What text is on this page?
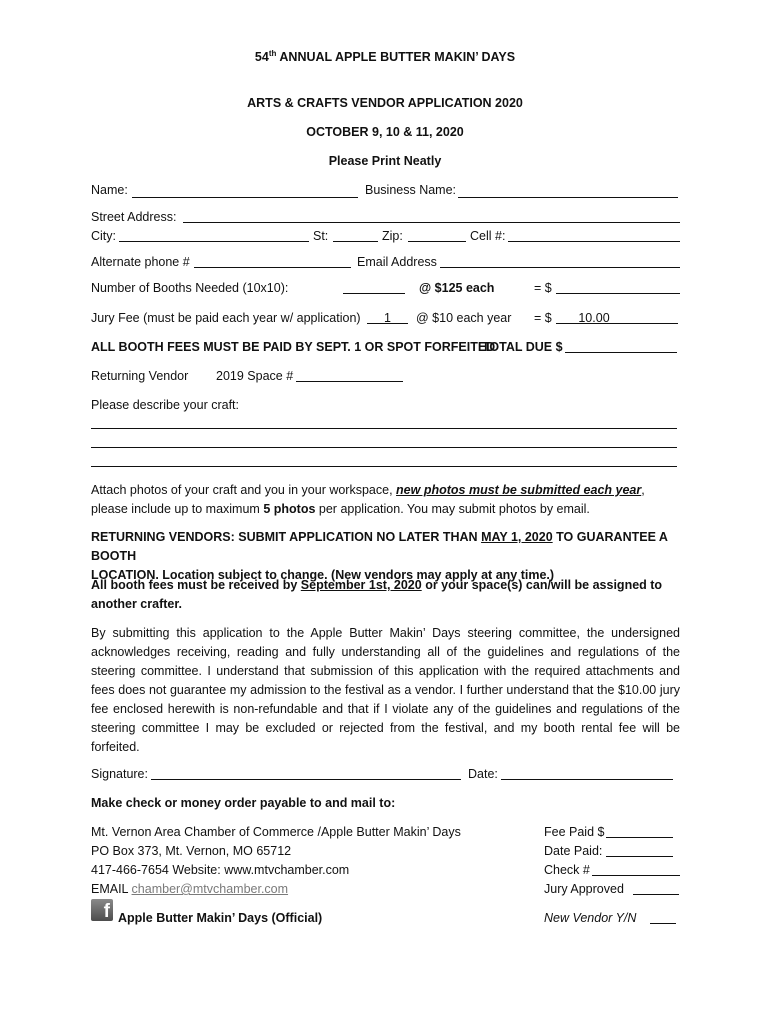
54th ANNUAL APPLE BUTTER MAKIN’ DAYS
ARTS & CRAFTS VENDOR APPLICATION 2020
OCTOBER 9, 10 & 11, 2020
Please Print Neatly
Name:	Business Name:
Street Address:
City:	St:	Zip:	Cell #:
Alternate phone #	Email Address
Number of Booths Needed (10x10):	@ $125 each	= $
Jury Fee (must be paid each year w/ application)	1	@ $10 each year = $	10.00
ALL BOOTH FEES MUST BE PAID BY SEPT. 1 OR SPOT FORFEITED
TOTAL DUE $
Returning Vendor 2019 Space #
Please describe your craft:
Attach photos of your craft and you in your workspace, new photos must be submitted each year,
please include up to maximum 5 photos per application. You may submit photos by email.
RETURNING VENDORS: SUBMIT APPLICATION NO LATER THAN MAY 1, 2020 TO GUARANTEE A BOOTH
LOCATION. Location subject to change. (New vendors may apply at any time.)
All booth fees must be received by September 1st, 2020 or your space(s) can/will be assigned to
another crafter.
By submitting this application to the Apple Butter Makin’ Days steering committee, the undersigned acknowledges receiving, reading and fully understanding all of the guidelines and regulations of the steering committee. I understand that submission of this application with the required attachments and fees does not guarantee my admission to the festival as a vendor. I further understand that the $10.00 jury fee enclosed herewith is non-refundable and that if I violate any of the guidelines and regulations of the steering committee I may be excluded or rejected from the festival, and my booth rental fee will be forfeited.
Signature:	Date:
Make check or money order payable to and mail to:
Mt. Vernon Area Chamber of Commerce /Apple Butter Makin’ Days
PO Box 373, Mt. Vernon, MO 65712
417-466-7654 Website: www.mtvchamber.com
EMAIL chamber@mtvchamber.com
f Apple Butter Makin’ Days (Official)
Fee Paid $
Date Paid:
Check #
Jury Approved
New Vendor Y/N
